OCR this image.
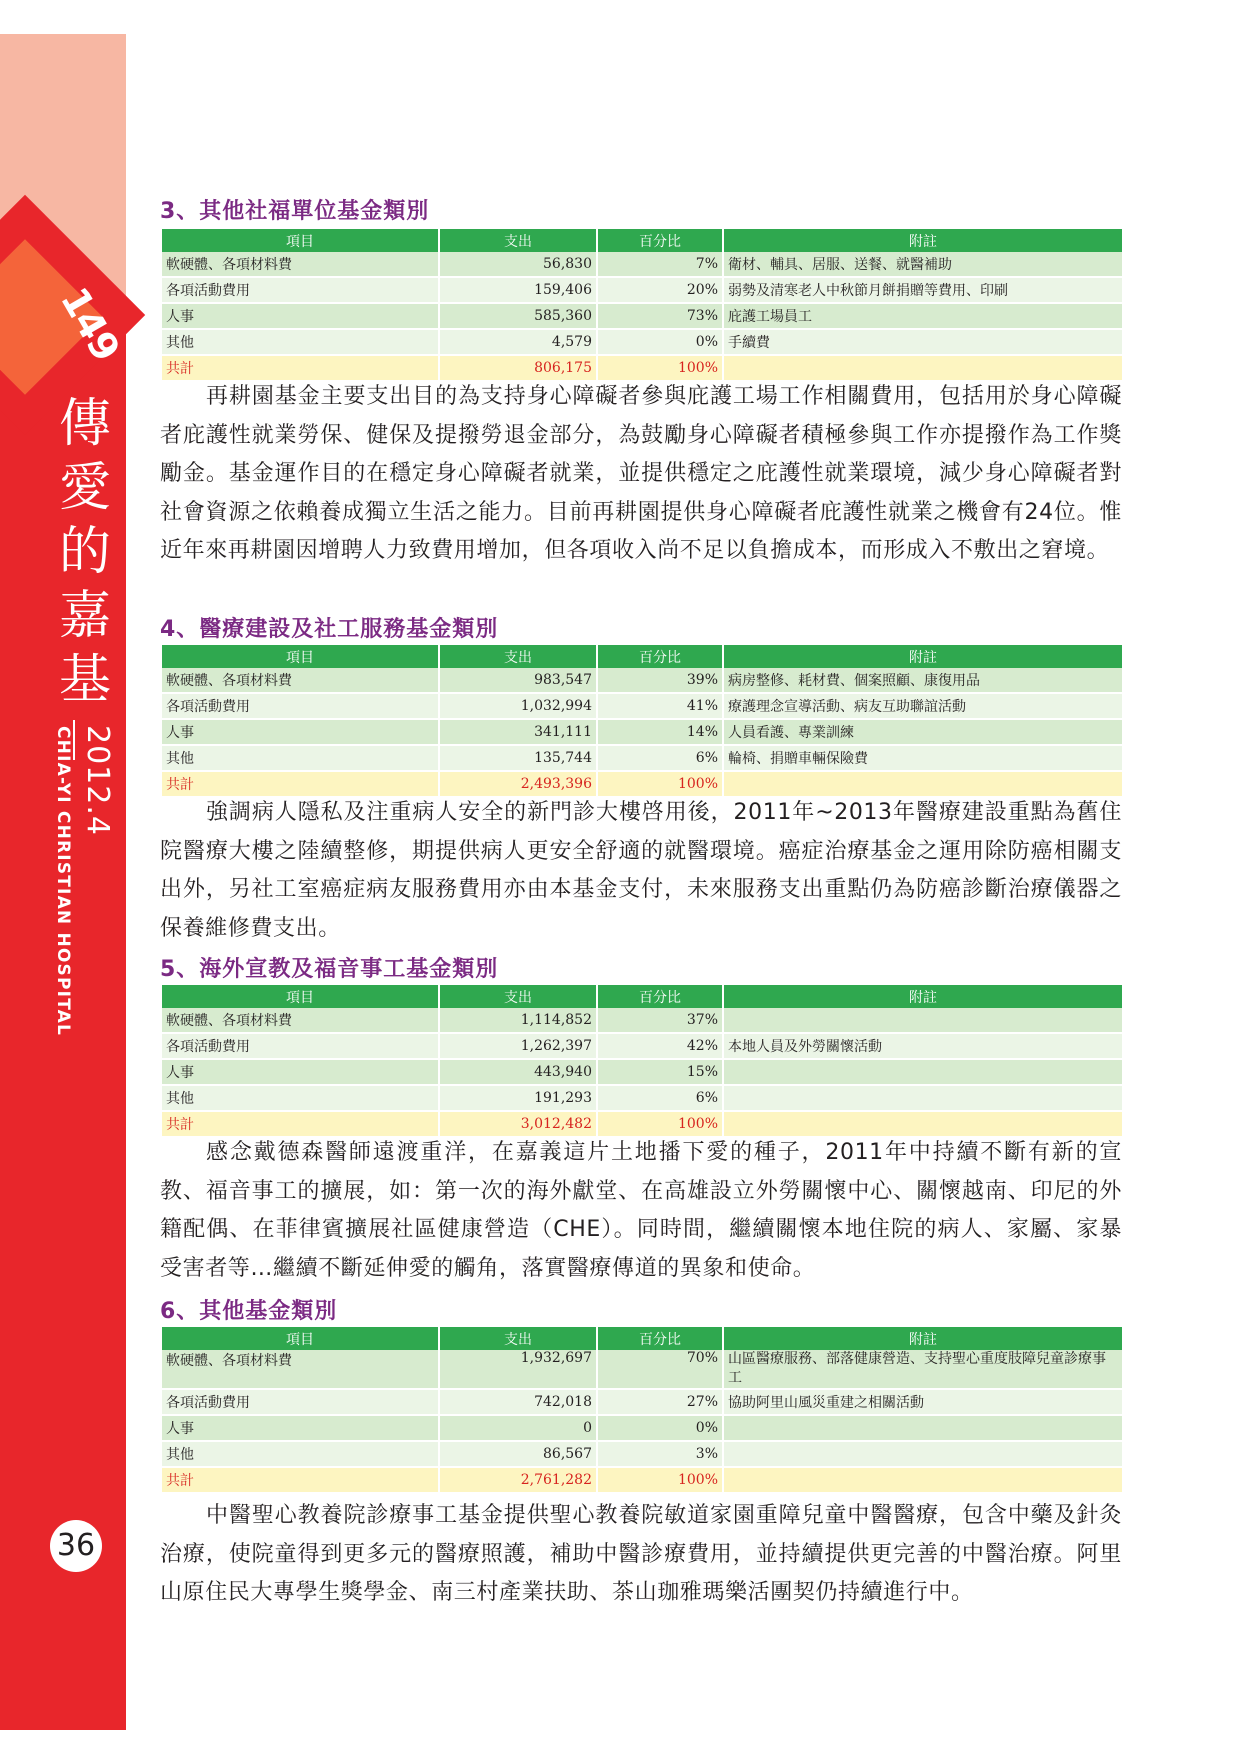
149
傳
愛
的
嘉
基
2012.4
CHIA-YI CHRISTIAN HOSPITAL
36
3、其他社福單位基金類別
項目	支出	百分比	附註
軟硬體、各項材料費	56,830	7%	衛材、輔具、居服、送餐、就醫補助
各項活動費用	159,406	20%	弱勢及清寒老人中秋節月餅捐贈等費用、印刷
人事	585,360	73%	庇護工場員工
其他	4,579	0%	手續費
共計	806,175	100%	
再耕園基金主要支出目的為支持身心障礙者參與庇護工場工作相關費用，包括用於身心障礙者庇護性就業勞保、健保及提撥勞退金部分，為鼓勵身心障礙者積極參與工作亦提撥作為工作獎勵金。基金運作目的在穩定身心障礙者就業，並提供穩定之庇護性就業環境，減少身心障礙者對社會資源之依賴養成獨立生活之能力。目前再耕園提供身心障礙者庇護性就業之機會有24位。惟近年來再耕園因增聘人力致費用增加，但各項收入尚不足以負擔成本，而形成入不敷出之窘境。
4、醫療建設及社工服務基金類別
項目	支出	百分比	附註
軟硬體、各項材料費	983,547	39%	病房整修、耗材費、個案照顧、康復用品
各項活動費用	1,032,994	41%	療護理念宣導活動、病友互助聯誼活動
人事	341,111	14%	人員看護、專業訓練
其他	135,744	6%	輪椅、捐贈車輛保險費
共計	2,493,396	100%	
強調病人隱私及注重病人安全的新門診大樓啓用後，2011年~2013年醫療建設重點為舊住院醫療大樓之陸續整修，期提供病人更安全舒適的就醫環境。癌症治療基金之運用除防癌相關支出外，另社工室癌症病友服務費用亦由本基金支付，未來服務支出重點仍為防癌診斷治療儀器之保養維修費支出。
5、海外宣教及福音事工基金類別
項目	支出	百分比	附註
軟硬體、各項材料費	1,114,852	37%	
各項活動費用	1,262,397	42%	本地人員及外勞關懷活動
人事	443,940	15%	
其他	191,293	6%	
共計	3,012,482	100%	
感念戴德森醫師遠渡重洋，在嘉義這片土地播下愛的種子，2011年中持續不斷有新的宣教、福音事工的擴展，如：第一次的海外獻堂、在高雄設立外勞關懷中心、關懷越南、印尼的外籍配偶、在菲律賓擴展社區健康營造（CHE）。同時間，繼續關懷本地住院的病人、家屬、家暴受害者等…繼續不斷延伸愛的觸角，落實醫療傳道的異象和使命。
6、其他基金類別
項目	支出	百分比	附註
軟硬體、各項材料費	1,932,697	70%	山區醫療服務、部落健康營造、支持聖心重度肢障兒童診療事工
各項活動費用	742,018	27%	協助阿里山風災重建之相關活動
人事	0	0%	
其他	86,567	3%	
共計	2,761,282	100%	
中醫聖心教養院診療事工基金提供聖心教養院敏道家園重障兒童中醫醫療，包含中藥及針灸治療，使院童得到更多元的醫療照護，補助中醫診療費用，並持續提供更完善的中醫治療。阿里山原住民大專學生獎學金、南三村產業扶助、茶山珈雅瑪樂活團契仍持續進行中。
